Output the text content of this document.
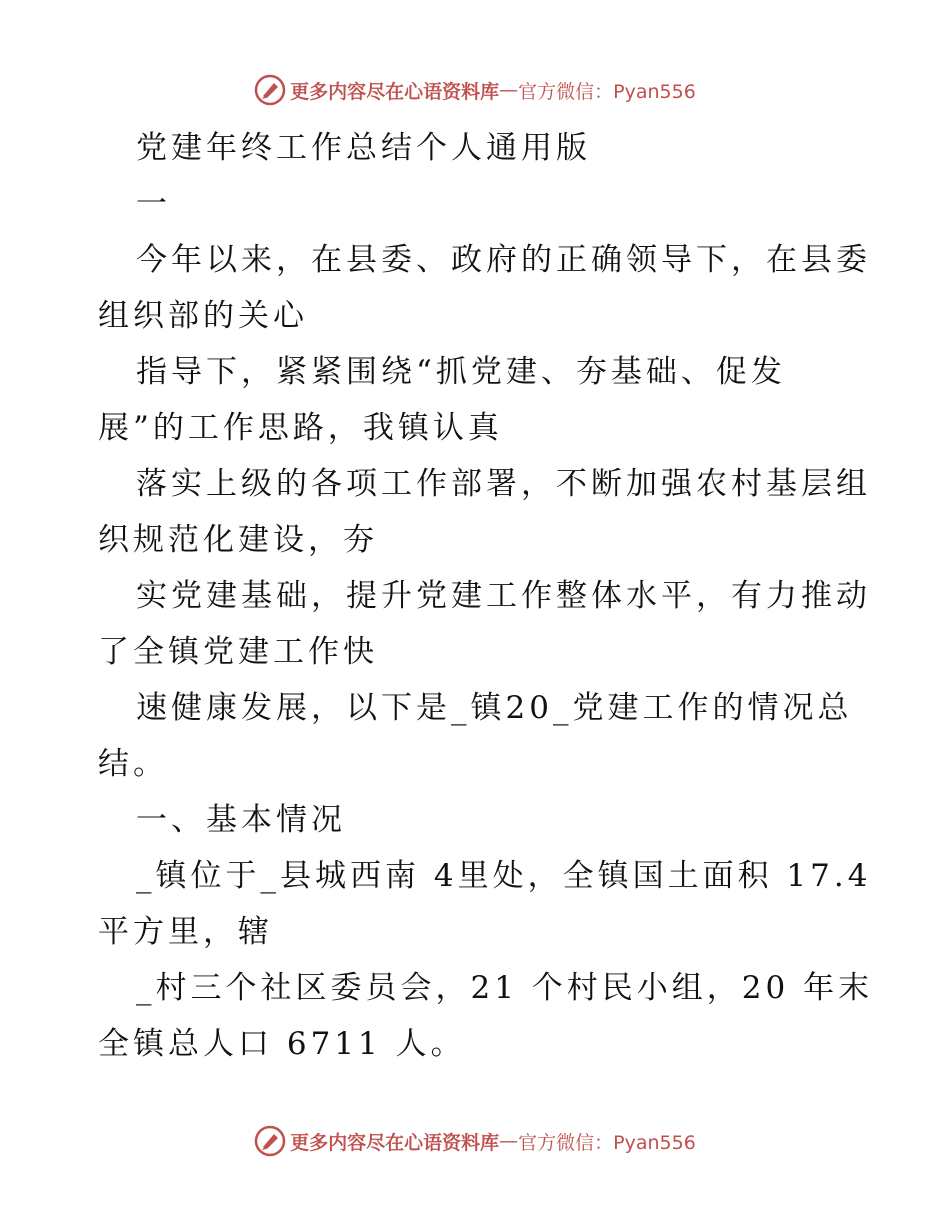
更多内容尽在心语资料库 — 官方微信：Pyan556
党建年终工作总结个人通用版
一
今年以来，在县委、政府的正确领导下，在县委
组织部的关心
指导下，紧紧围绕“抓党建、夯基础、促发
展”的工作思路，我镇认真
落实上级的各项工作部署，不断加强农村基层组
织规范化建设，夯
实党建基础，提升党建工作整体水平，有力推动
了全镇党建工作快
速健康发展，以下是_镇20_党建工作的情况总
结。
一、基本情况
_镇位于_县城西南 4里处，全镇国土面积 17.4
平方里，辖
_村三个社区委员会，21 个村民小组，20 年末
全镇总人口 6711 人。
更多内容尽在心语资料库 — 官方微信：Pyan556
